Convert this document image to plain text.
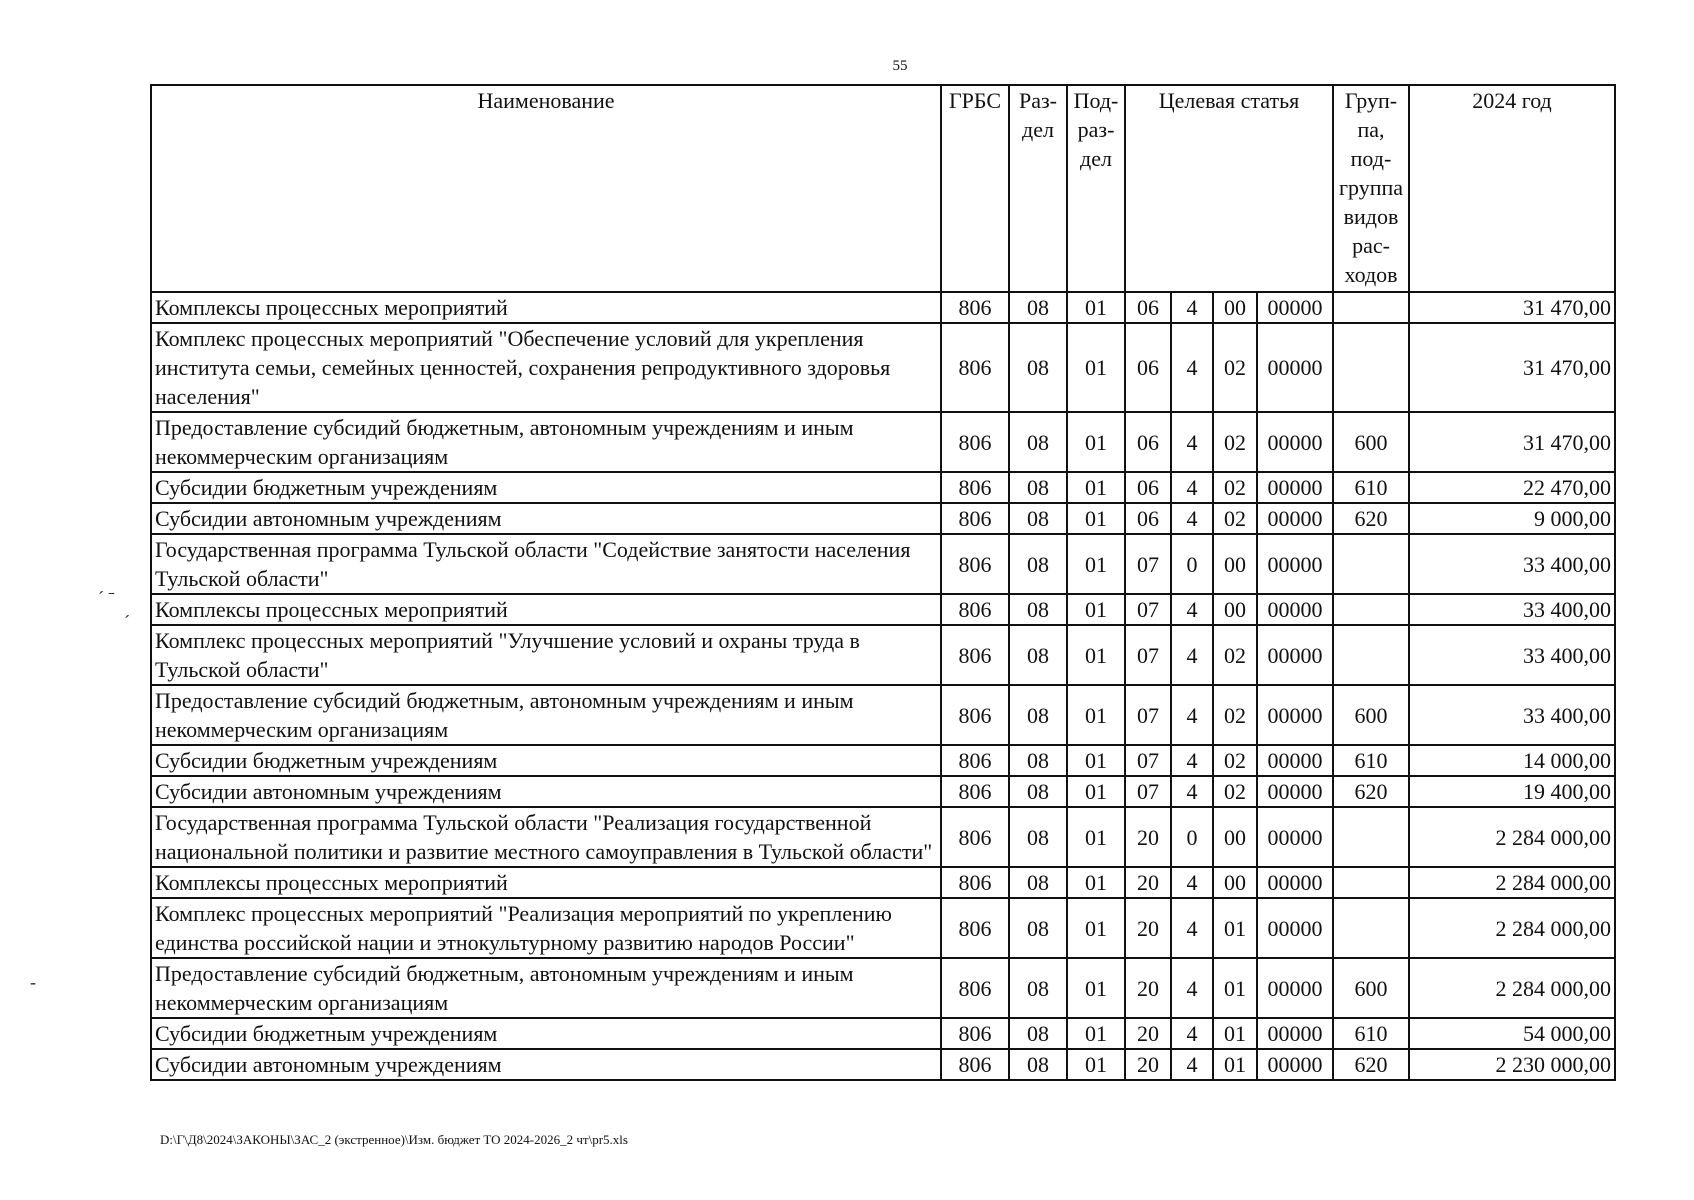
55
ˊ ˉ
ˊ
-
Наименование	ГРБС	Раз- дел	Под- раз- дел	Целевая статья				Груп- па, под- группа видов рас- ходов	2024 год
Комплексы процессных мероприятий	806	08	01	06	4	00	00000		31 470,00
Комплекс процессных мероприятий "Обеспечение условий для укрепления института семьи, семейных ценностей, сохранения репродуктивного здоровья населения"	806	08	01	06	4	02	00000		31 470,00
Предоставление субсидий бюджетным, автономным учреждениям и иным некоммерческим организациям	806	08	01	06	4	02	00000	600	31 470,00
Субсидии бюджетным учреждениям	806	08	01	06	4	02	00000	610	22 470,00
Субсидии автономным учреждениям	806	08	01	06	4	02	00000	620	9 000,00
Государственная программа Тульской области "Содействие занятости населения Тульской области"	806	08	01	07	0	00	00000		33 400,00
Комплексы процессных мероприятий	806	08	01	07	4	00	00000		33 400,00
Комплекс процессных мероприятий "Улучшение условий и охраны труда в Тульской области"	806	08	01	07	4	02	00000		33 400,00
Предоставление субсидий бюджетным, автономным учреждениям и иным некоммерческим организациям	806	08	01	07	4	02	00000	600	33 400,00
Субсидии бюджетным учреждениям	806	08	01	07	4	02	00000	610	14 000,00
Субсидии автономным учреждениям	806	08	01	07	4	02	00000	620	19 400,00
Государственная программа Тульской области "Реализация государственной национальной политики и развитие местного самоуправления в Тульской области"	806	08	01	20	0	00	00000		2 284 000,00
Комплексы процессных мероприятий	806	08	01	20	4	00	00000		2 284 000,00
Комплекс процессных мероприятий "Реализация мероприятий по укреплению единства российской нации и этнокультурному развитию народов России"	806	08	01	20	4	01	00000		2 284 000,00
Предоставление субсидий бюджетным, автономным учреждениям и иным некоммерческим организациям	806	08	01	20	4	01	00000	600	2 284 000,00
Субсидии бюджетным учреждениям	806	08	01	20	4	01	00000	610	54 000,00
Субсидии автономным учреждениям	806	08	01	20	4	01	00000	620	2 230 000,00
D:\Г\Д8\2024\ЗАКОНЫ\ЗАС_2 (экстренное)\Изм. бюджет ТО 2024-2026_2 чт\pr5.xls
